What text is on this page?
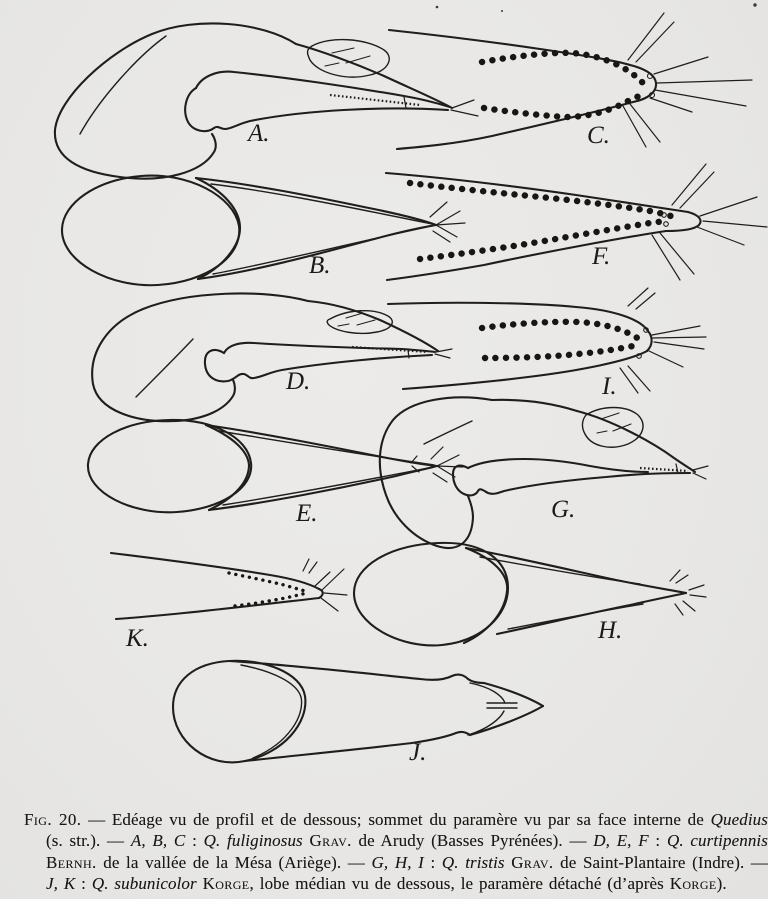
A.
B.
C.
D.
E.
F.
G.
H.
I.
J.
K.

Fig. 20. — Edéage vu de profil et de dessous; sommet du paramère vu par sa face interne de Quedius (s. str.). — A, B, C : Q. fuliginosus Grav. de Arudy (Basses Pyrénées). — D, E, F : Q. curtipennis Bernh. de la vallée de la Mésa (Ariège). — G, H, I : Q. tristis Grav. de Saint-Plantaire (Indre). — J, K : Q. subunicolor Korge, lobe médian vu de dessous, le paramère détaché (d’après Korge).
